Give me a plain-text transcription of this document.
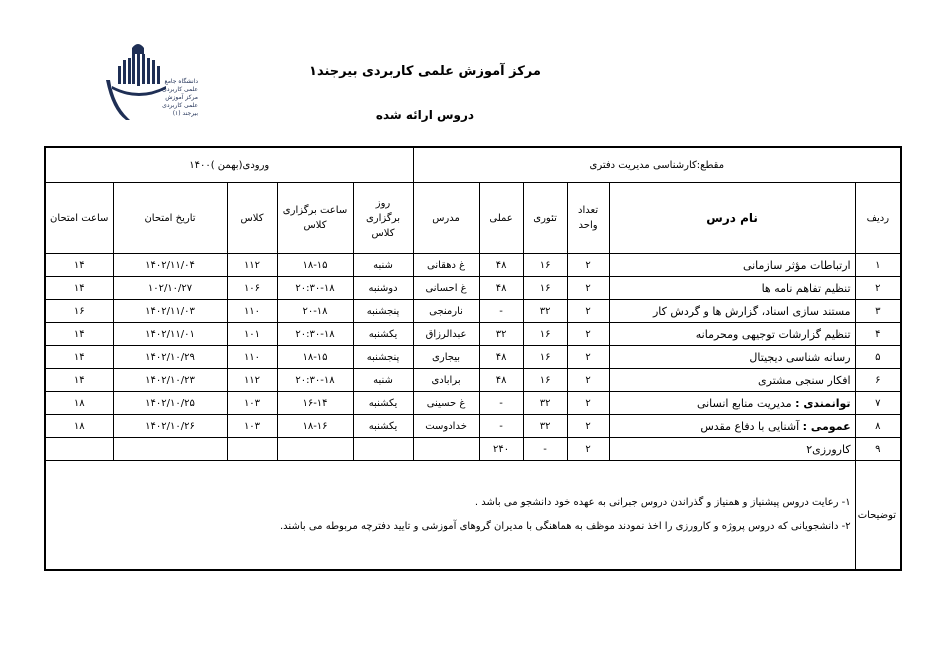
دانشگاه جامع علمی کاربردی مرکز آموزش علمی کاربردی بیرجند (۱)
مرکز آموزش علمی کاربردی بیرجند۱
دروس ارائه شده
مقطع:کارشناسی مدیریت دفتری						ورودی(بهمن )۱۴۰۰				
ردیف	نام درس	تعداد واحد	تئوری	عملی	مدرس	روز برگزاری کلاس	ساعت برگزاری کلاس	کلاس	تاریخ امتحان	ساعت امتحان
۱	ارتباطات مؤثر سازمانی	۲	۱۶	۴۸	غ دهقانی	شنبه	۱۸-۱۵	۱۱۲	۱۴۰۲/۱۱/۰۴	۱۴
۲	تنظیم تفاهم نامه ها	۲	۱۶	۴۸	غ احسانی	دوشنبه	۲۰:۳۰-۱۸	۱۰۶	۱۰۲/۱۰/۲۷	۱۴
۳	مستند سازی اسناد، گزارش ها و گردش کار	۲	۳۲	-	نارمنجی	پنجشنبه	۲۰-۱۸	۱۱۰	۱۴۰۲/۱۱/۰۳	۱۶
۴	تنظیم گزارشات توجیهی ومحرمانه	۲	۱۶	۳۲	عبدالرزاق	یکشنبه	۲۰:۳۰-۱۸	۱۰۱	۱۴۰۲/۱۱/۰۱	۱۴
۵	رسانه شناسی دیجیتال	۲	۱۶	۴۸	بیجاری	پنجشنبه	۱۸-۱۵	۱۱۰	۱۴۰۲/۱۰/۲۹	۱۴
۶	افکار سنجی مشتری	۲	۱۶	۴۸	برابادی	شنبه	۲۰:۳۰-۱۸	۱۱۲	۱۴۰۲/۱۰/۲۳	۱۴
۷	توانمندی : مدیریت منابع انسانی	۲	۳۲	-	غ حسینی	یکشنبه	۱۶-۱۴	۱۰۳	۱۴۰۲/۱۰/۲۵	۱۸
۸	عمومی : آشنایی با دفاع مقدس	۲	۳۲	-	خدادوست	یکشنبه	۱۸-۱۶	۱۰۳	۱۴۰۲/۱۰/۲۶	۱۸
۹	کارورزی۲	۲	-	۲۴۰						
توضیحات	۱- رعایت دروس پیشنیاز و همنیاز و گذراندن دروس جبرانی به عهده خود دانشجو می باشد .
۲- دانشجویانی که دروس پروژه و کارورزی را اخذ نمودند موظف به هماهنگی با مدیران گروهای آموزشی و تایید دفترچه مربوطه می باشند.									
